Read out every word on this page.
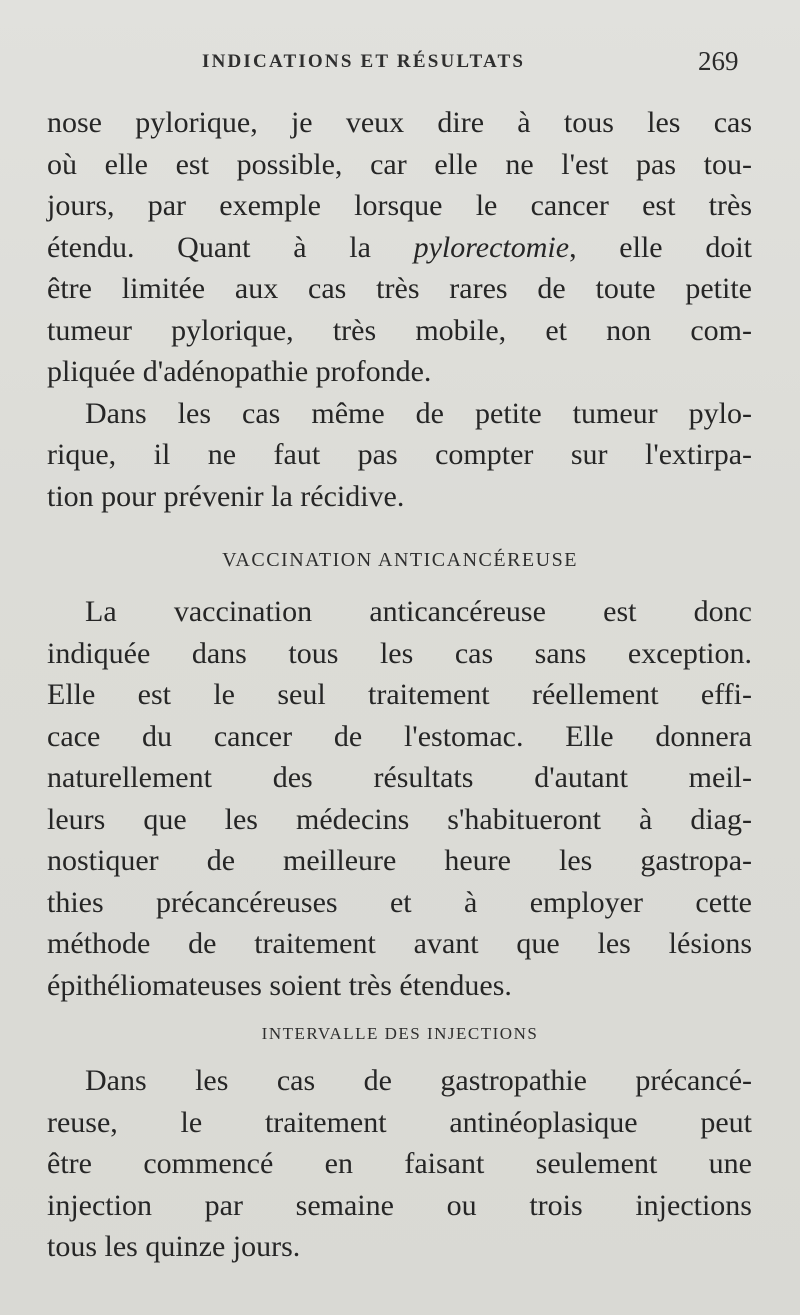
INDICATIONS ET RÉSULTATS	269
nose pylorique, je veux dire à tous les cas
où elle est possible, car elle ne l'est pas tou-
jours, par exemple lorsque le cancer est très
étendu. Quant à la pylorectomie, elle doit
être limitée aux cas très rares de toute petite
tumeur pylorique, très mobile, et non com-
pliquée d'adénopathie profonde.
Dans les cas même de petite tumeur pylo-
rique, il ne faut pas compter sur l'extirpa-
tion pour prévenir la récidive.
VACCINATION ANTICANCÉREUSE
La vaccination anticancéreuse est donc
indiquée dans tous les cas sans exception.
Elle est le seul traitement réellement effi-
cace du cancer de l'estomac. Elle donnera
naturellement des résultats d'autant meil-
leurs que les médecins s'habitueront à diag-
nostiquer de meilleure heure les gastropa-
thies précancéreuses et à employer cette
méthode de traitement avant que les lésions
épithéliomateuses soient très étendues.
INTERVALLE DES INJECTIONS
Dans les cas de gastropathie précancé-
reuse, le traitement antinéoplasique peut
être commencé en faisant seulement une
injection par semaine ou trois injections
tous les quinze jours.
